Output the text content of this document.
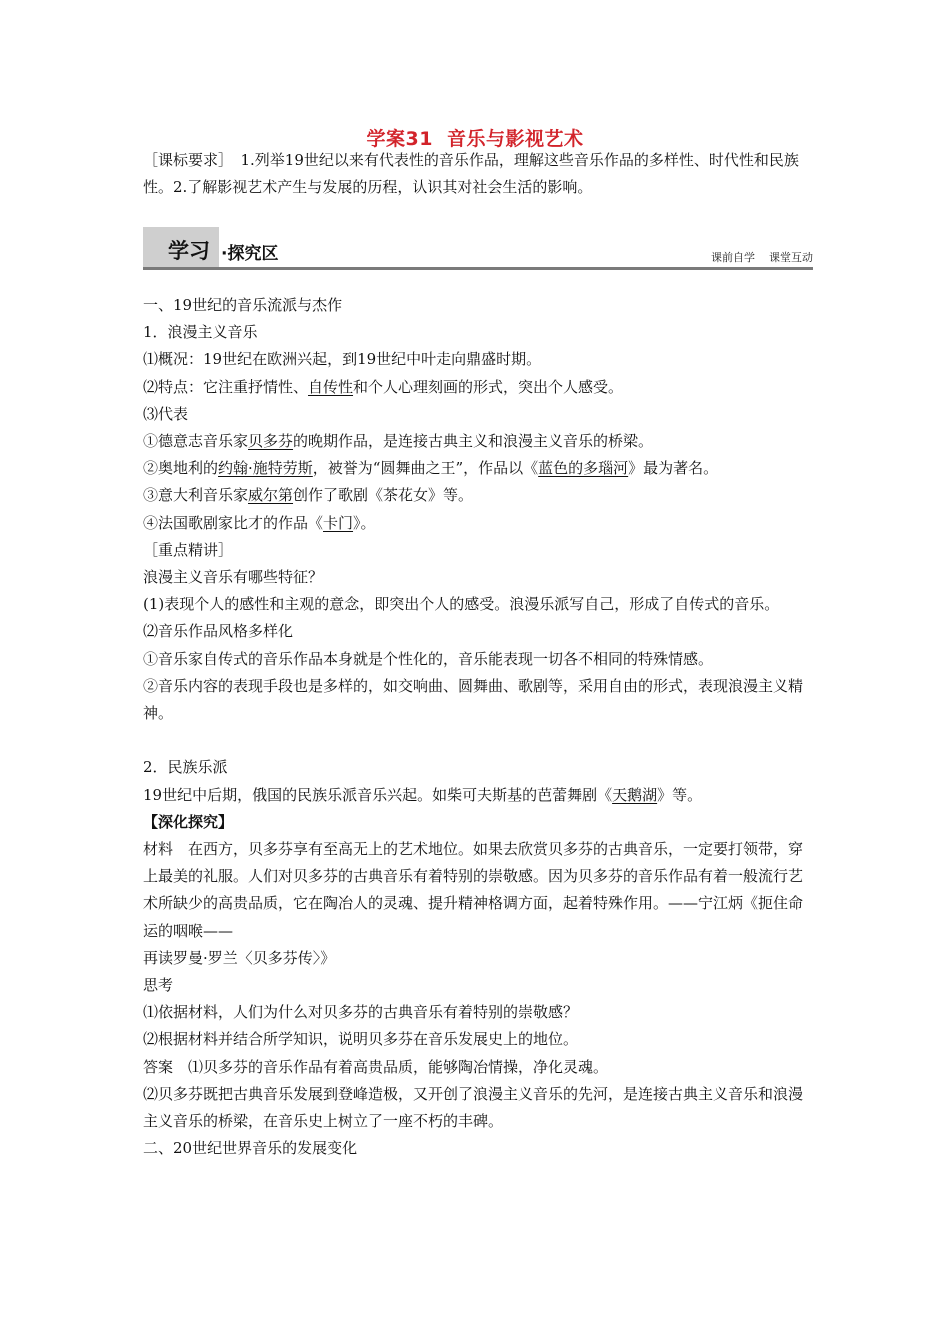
学案31 音乐与影视艺术
［课标要求］　1.列举19世纪以来有代表性的音乐作品，理解这些音乐作品的多样性、时代性和民族性。2.了解影视艺术产生与发展的历程，认识其对社会生活的影响。
学习 ·探究区	课前自学 课堂互动

一、19世纪的音乐流派与杰作

1．浪漫主义音乐

⑴概况：19世纪在欧洲兴起，到19世纪中叶走向鼎盛时期。

⑵特点：它注重抒情性、自传性和个人心理刻画的形式，突出个人感受。

⑶代表

①德意志音乐家贝多芬的晚期作品，是连接古典主义和浪漫主义音乐的桥梁。

②奥地利的约翰·施特劳斯，被誉为“圆舞曲之王”，作品以《蓝色的多瑙河》最为著名。

③意大利音乐家威尔第创作了歌剧《茶花女》等。

④法国歌剧家比才的作品《卡门》。

［重点精讲］

浪漫主义音乐有哪些特征？

(1)表现个人的感性和主观的意念，即突出个人的感受。浪漫乐派写自己，形成了自传式的音乐。

⑵音乐作品风格多样化

①音乐家自传式的音乐作品本身就是个性化的，音乐能表现一切各不相同的特殊情感。

②音乐内容的表现手段也是多样的，如交响曲、圆舞曲、歌剧等，采用自由的形式，表现浪漫主义精神。

2．民族乐派

19世纪中后期，俄国的民族乐派音乐兴起。如柴可夫斯基的芭蕾舞剧《天鹅湖》等。

【深化探究】

材料　在西方，贝多芬享有至高无上的艺术地位。如果去欣赏贝多芬的古典音乐，一定要打领带，穿上最美的礼服。人们对贝多芬的古典音乐有着特别的崇敬感。因为贝多芬的音乐作品有着一般流行艺术所缺少的高贵品质，它在陶冶人的灵魂、提升精神格调方面，起着特殊作用。——宁江炳《扼住命运的咽喉——

再读罗曼·罗兰〈贝多芬传〉》

思考

⑴依据材料，人们为什么对贝多芬的古典音乐有着特别的崇敬感？

⑵根据材料并结合所学知识，说明贝多芬在音乐发展史上的地位。

答案　⑴贝多芬的音乐作品有着高贵品质，能够陶冶情操，净化灵魂。

⑵贝多芬既把古典音乐发展到登峰造极，又开创了浪漫主义音乐的先河，是连接古典主义音乐和浪漫主义音乐的桥梁，在音乐史上树立了一座不朽的丰碑。

二、20世纪世界音乐的发展变化
